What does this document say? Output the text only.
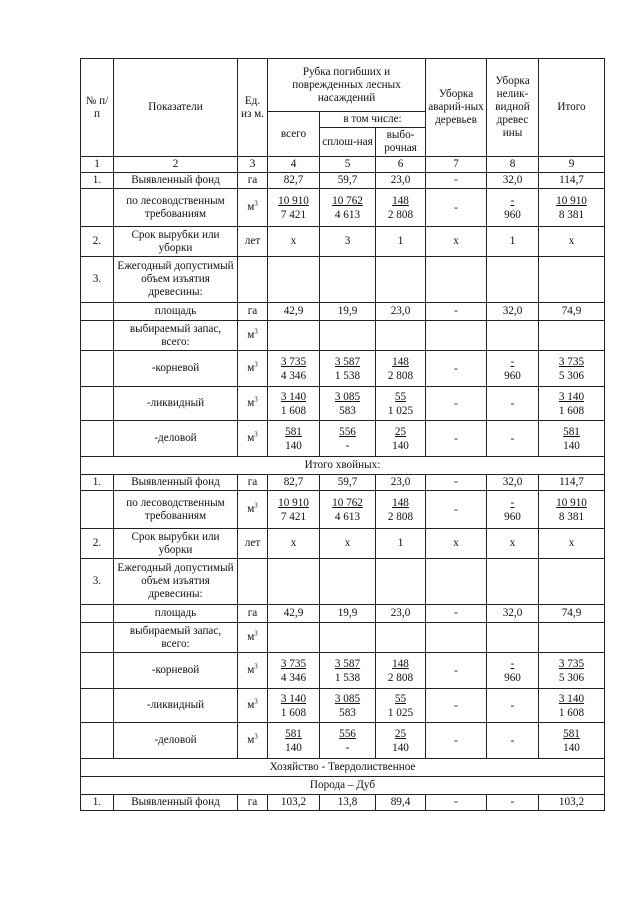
№ п/п	Показатели	Ед. из м.	Рубка погибших и поврежденных лесных насаждений			Уборка аварий-ных деревьев	Уборка нелик-видной древес ины	Итого
			всего	в том числе:				
				сплош-ная	выбо-рочная			
1	2	3	4	5	6	7	8	9
1.	Выявленный фонд	га	82,7	59,7	23,0	-	32,0	114,7
	по лесоводственным требованиям	$м^3$	$\frac{10 910}{7 421}$	$\frac{10 762}{4 613}$	$\frac{148}{2 808}$	-	$\frac{-}{960}$	$\frac{10 910}{8 381}$

2.	Срок вырубки или уборки	лет	x	3	1	x	1	x
3.	Ежегодный допустимый объем изъятия древесины:							
	площадь	га	42,9	19,9	23,0	-	32,0	74,9
	выбираемый запас, всего:	$м^3$						
	-корневой	$м^3$	$\frac{3 735}{4 346}$	$\frac{3 587}{1 538}$	$\frac{148}{2 808}$	-	$\frac{-}{960}$	$\frac{3 735}{5 306}$

	-ликвидный	$м^3$	$\frac{3 140}{1 608}$	$\frac{3 085}{583}$	$\frac{55}{1 025}$	-	-	$\frac{3 140}{1 608}$

	-деловой	$м^3$	$\frac{581}{140}$	$\frac{556}{-}$	$\frac{25}{140}$	-	-	$\frac{581}{140}$

Итого хвойных:								
1.	Выявленный фонд	га	82,7	59,7	23,0	-	32,0	114,7
	по лесоводственным требованиям	$м^3$	$\frac{10 910}{7 421}$	$\frac{10 762}{4 613}$	$\frac{148}{2 808}$	-	$\frac{-}{960}$	$\frac{10 910}{8 381}$

2.	Срок вырубки или уборки	лет	x	x	1	x	x	x
3.	Ежегодный допустимый объем изъятия древесины:							
	площадь	га	42,9	19,9	23,0	-	32,0	74,9
	выбираемый запас, всего:	$м^3$						
	-корневой	$м^3$	$\frac{3 735}{4 346}$	$\frac{3 587}{1 538}$	$\frac{148}{2 808}$	-	$\frac{-}{960}$	$\frac{3 735}{5 306}$

	-ликвидный	$м^3$	$\frac{3 140}{1 608}$	$\frac{3 085}{583}$	$\frac{55}{1 025}$	-	-	$\frac{3 140}{1 608}$

	-деловой	$м^3$	$\frac{581}{140}$	$\frac{556}{-}$	$\frac{25}{140}$	-	-	$\frac{581}{140}$

Хозяйство - Твердолиственное								
Порода – Дуб								
1.	Выявленный фонд	га	103,2	13,8	89,4	-	-	103,2
